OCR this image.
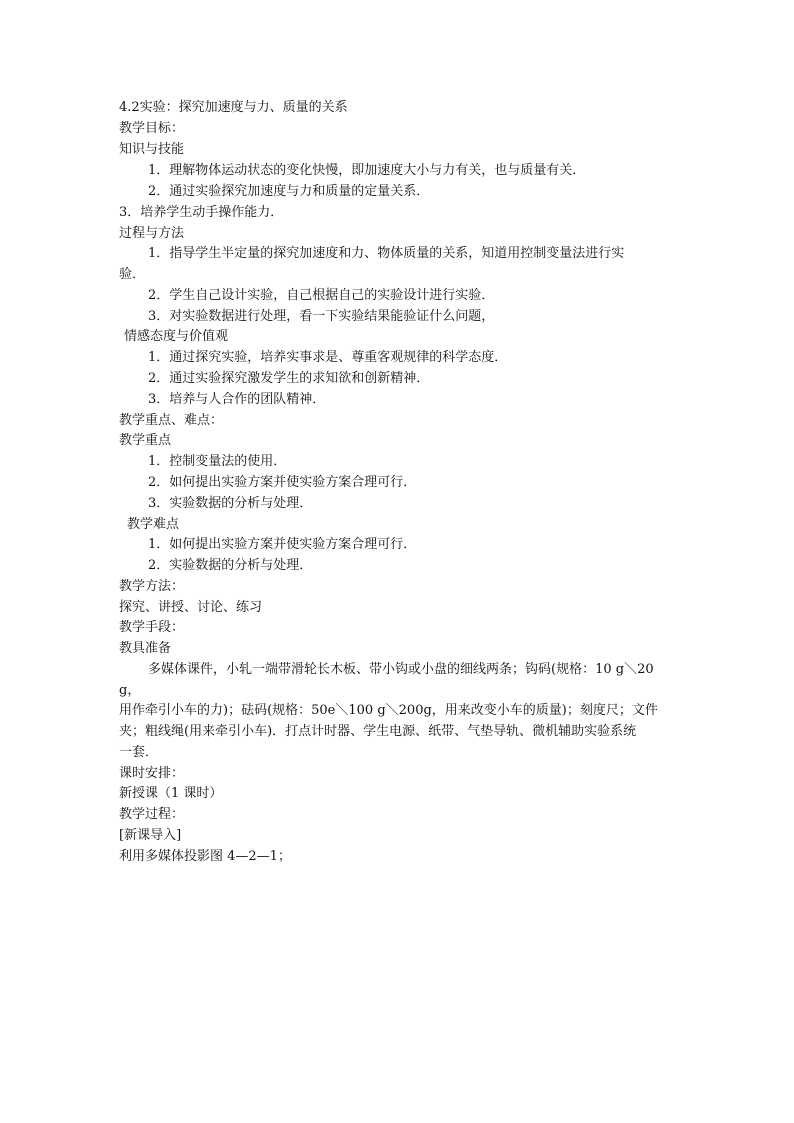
4.2实验：探究加速度与力、质量的关系
教学目标：
知识与技能
1．理解物体运动状态的变化快慢，即加速度大小与力有关，也与质量有关．
2．通过实验探究加速度与力和质量的定量关系．
3．培养学生动手操作能力．
过程与方法
1．指导学生半定量的探究加速度和力、物体质量的关系，知道用控制变量法进行实
验．
2．学生自己设计实验，自己根据自己的实验设计进行实验．
3．对实验数据进行处理，看一下实验结果能验证什么问题，
情感态度与价值观
1．通过探究实验，培养实事求是、尊重客观规律的科学态度．
2．通过实验探究激发学生的求知欲和创新精神．
3．培养与人合作的团队精神．
教学重点、难点：
教学重点
1．控制变量法的使用．
2．如何提出实验方案并使实验方案合理可行．
3．实验数据的分析与处理．
教学难点
1．如何提出实验方案并使实验方案合理可行．
2．实验数据的分析与处理．
教学方法：
探究、讲授、讨论、练习
教学手段：
教具准备
多媒体课件，小轧一端带滑轮长木板、带小钩或小盘的细线两条；钩码(规格：10 g＼20
g，
用作牵引小车的力)；砝码(规格：50e＼100 g＼200g，用来改变小车的质量)；刻度尺；文件
夹；粗线绳(用来牵引小车)．打点计时器、学生电源、纸带、气垫导轨、微机辅助实验系统
一套．
课时安排：
新授课（1 课时）
教学过程：
[新课导入]
利用多媒体投影图 4—2—1；
